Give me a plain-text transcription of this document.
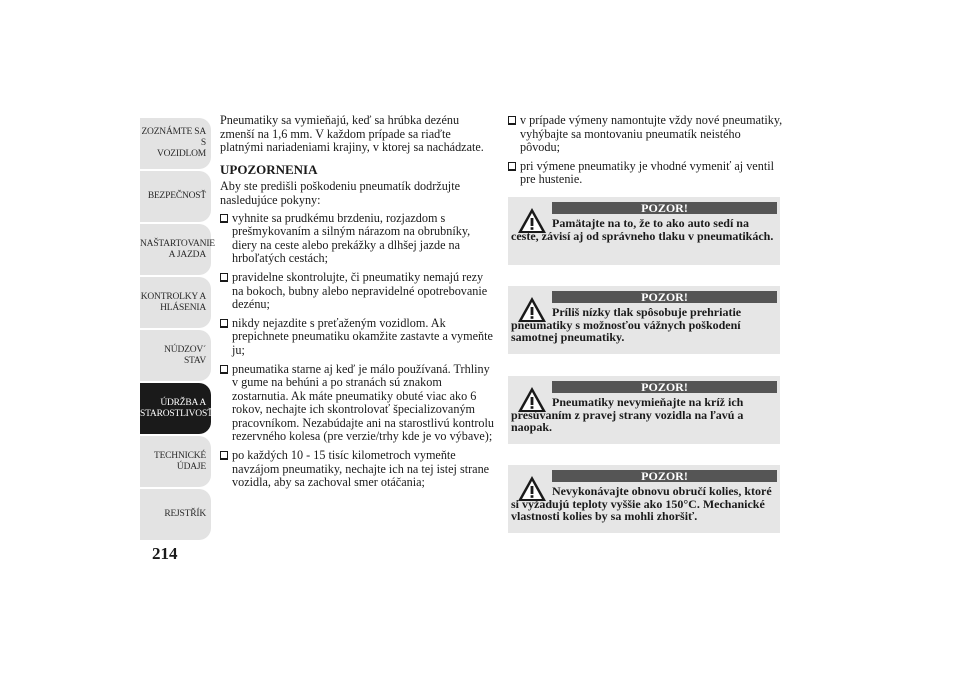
ZOZNÁMTE SA S
VOZIDLOM
BEZPEČNOSŤ
NAŠTARTOVANIE
A JAZDA
KONTROLKY A
HLÁSENIA
NÚDZOV´ STAV
ÚDRŽBA A
STAROSTLIVOSŤ
TECHNICKÉ
ÚDAJE
REJSTŘÍK
214

Pneumatiky sa vymieňajú, keď sa hrúbka dezénu zmenší na 1,6 mm. V každom prípade sa riaďte platnými nariadeniami krajiny, v ktorej sa nachádzate.

UPOZORNENIA

Aby ste predišli poškodeniu pneumatík dodržujte nasledujúce pokyny:

vyhnite sa prudkému brzdeniu, rozjazdom s prešmykovaním a silným nárazom na obrubníky, diery na ceste alebo prekážky a dlhšej jazde na hrboľatých cestách;
pravidelne skontrolujte, či pneumatiky nemajú rezy na bokoch, bubny alebo nepravidelné opotrebovanie dezénu;
nikdy nejazdite s preťaženým vozidlom. Ak prepichnete pneumatiku okamžite zastavte a vymeňte ju;
pneumatika starne aj keď je málo používaná. Trhliny v gume na behúni a po stranách sú znakom zostarnutia. Ak máte pneumatiky obuté viac ako 6 rokov, nechajte ich skontrolovať špecializovaným pracovníkom. Nezabúdajte ani na starostlivú kontrolu rezervného kolesa (pre verzie/trhy kde je vo výbave);
po každých 10 - 15 tisíc kilometroch vymeňte navzájom pneumatiky, nechajte ich na tej istej strane vozidla, aby sa zachoval smer otáčania;
v prípade výmeny namontujte vždy nové pneumatiky, vyhýbajte sa montovaniu pneumatík neistého pôvodu;
pri výmene pneumatiky je vhodné vymeniť aj ventil pre hustenie.
POZOR!
Pamätajte na to, že to ako auto sedí na ceste, závisí aj od správneho tlaku v pneumatikách.
POZOR!
Príliš nízky tlak spôsobuje prehriatie pneumatiky s možnosťou vážnych poškodení samotnej pneumatiky.
POZOR!
Pneumatiky nevymieňajte na kríž ich presúvaním z pravej strany vozidla na ľavú a naopak.
POZOR!
Nevykonávajte obnovu obručí kolies, ktoré si vyžadujú teploty vyššie ako 150°C. Mechanické vlastnosti kolies by sa mohli zhoršiť.
